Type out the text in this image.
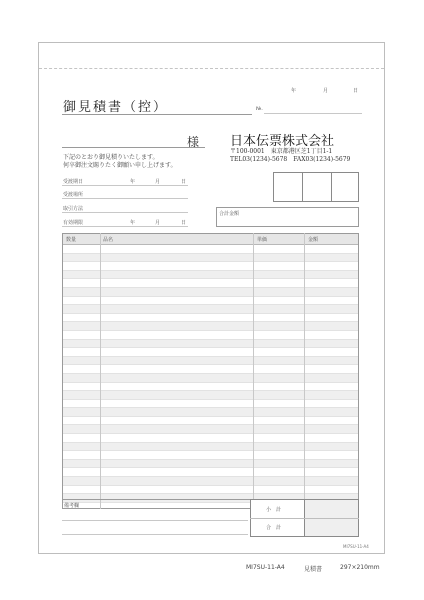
年	月	日
御見積書（控）	№.
様
下記のとおり御見積りいたします。
何卒御注文賜りたく御願い申し上げます。
受渡期日	年	月	日
受渡場所
取引方法
有効期限	年	月	日
日本伝票株式会社
〒100-0001　東京都港区芝1丁目1-1
TEL03(1234)-5678　FAX03(1234)-5679
合計金額
数量	品名	単価	金額
備考欄
小　計
合　計
MI7SU-11-A4
MI7SU-11-A4	見積書	297×210mm
